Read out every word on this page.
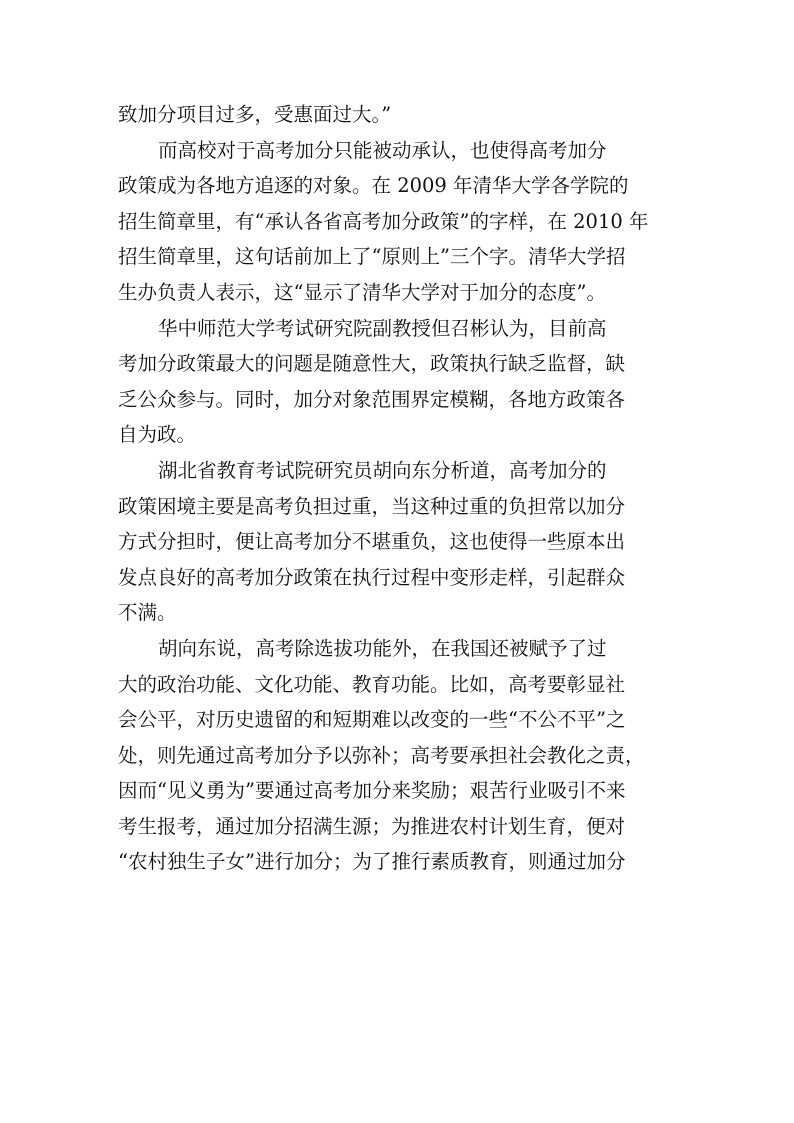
致加分项目过多，受惠面过大。”
而高校对于高考加分只能被动承认，也使得高考加分
政策成为各地方追逐的对象。在 2009 年清华大学各学院的
招生简章里，有“承认各省高考加分政策”的字样，在 2010 年
招生简章里，这句话前加上了“原则上”三个字。清华大学招
生办负责人表示，这“显示了清华大学对于加分的态度”。
华中师范大学考试研究院副教授但召彬认为，目前高
考加分政策最大的问题是随意性大，政策执行缺乏监督，缺
乏公众参与。同时，加分对象范围界定模糊，各地方政策各
自为政。
湖北省教育考试院研究员胡向东分析道，高考加分的
政策困境主要是高考负担过重，当这种过重的负担常以加分
方式分担时，便让高考加分不堪重负，这也使得一些原本出
发点良好的高考加分政策在执行过程中变形走样，引起群众
不满。
胡向东说，高考除选拔功能外，在我国还被赋予了过
大的政治功能、文化功能、教育功能。比如，高考要彰显社
会公平，对历史遗留的和短期难以改变的一些“不公不平”之
处，则先通过高考加分予以弥补；高考要承担社会教化之责，
因而“见义勇为”要通过高考加分来奖励；艰苦行业吸引不来
考生报考，通过加分招满生源；为推进农村计划生育，便对
“农村独生子女”进行加分；为了推行素质教育，则通过加分
